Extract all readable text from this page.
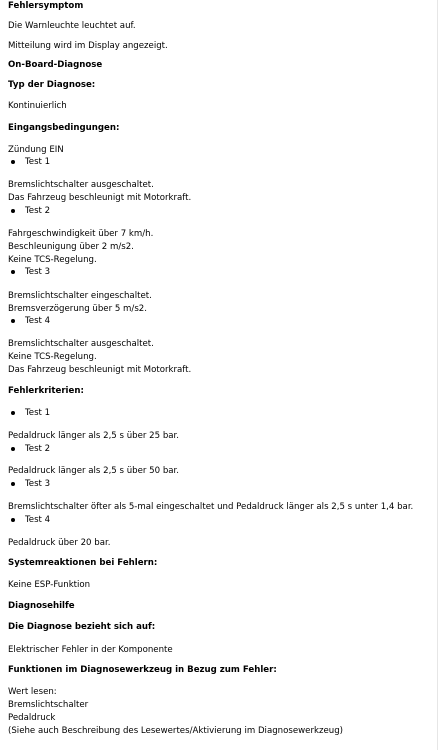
Fehlersymptom
Die Warnleuchte leuchtet auf.
Mitteilung wird im Display angezeigt.
On-Board-Diagnose
Typ der Diagnose:
Kontinuierlich
Eingangsbedingungen:
Zündung EIN
Test 1
Bremslichtschalter ausgeschaltet.
Das Fahrzeug beschleunigt mit Motorkraft.
Test 2
Fahrgeschwindigkeit über 7 km/h.
Beschleunigung über 2 m/s2.
Keine TCS-Regelung.
Test 3
Bremslichtschalter eingeschaltet.
Bremsverzögerung über 5 m/s2.
Test 4
Bremslichtschalter ausgeschaltet.
Keine TCS-Regelung.
Das Fahrzeug beschleunigt mit Motorkraft.
Fehlerkriterien:
Test 1
Pedaldruck länger als 2,5 s über 25 bar.
Test 2
Pedaldruck länger als 2,5 s über 50 bar.
Test 3
Bremslichtschalter öfter als 5-mal eingeschaltet und Pedaldruck länger als 2,5 s unter 1,4 bar.
Test 4
Pedaldruck über 20 bar.
Systemreaktionen bei Fehlern:
Keine ESP-Funktion
Diagnosehilfe
Die Diagnose bezieht sich auf:
Elektrischer Fehler in der Komponente
Funktionen im Diagnosewerkzeug in Bezug zum Fehler:
Wert lesen:
Bremslichtschalter
Pedaldruck
(Siehe auch Beschreibung des Lesewertes/Aktivierung im Diagnosewerkzeug)
